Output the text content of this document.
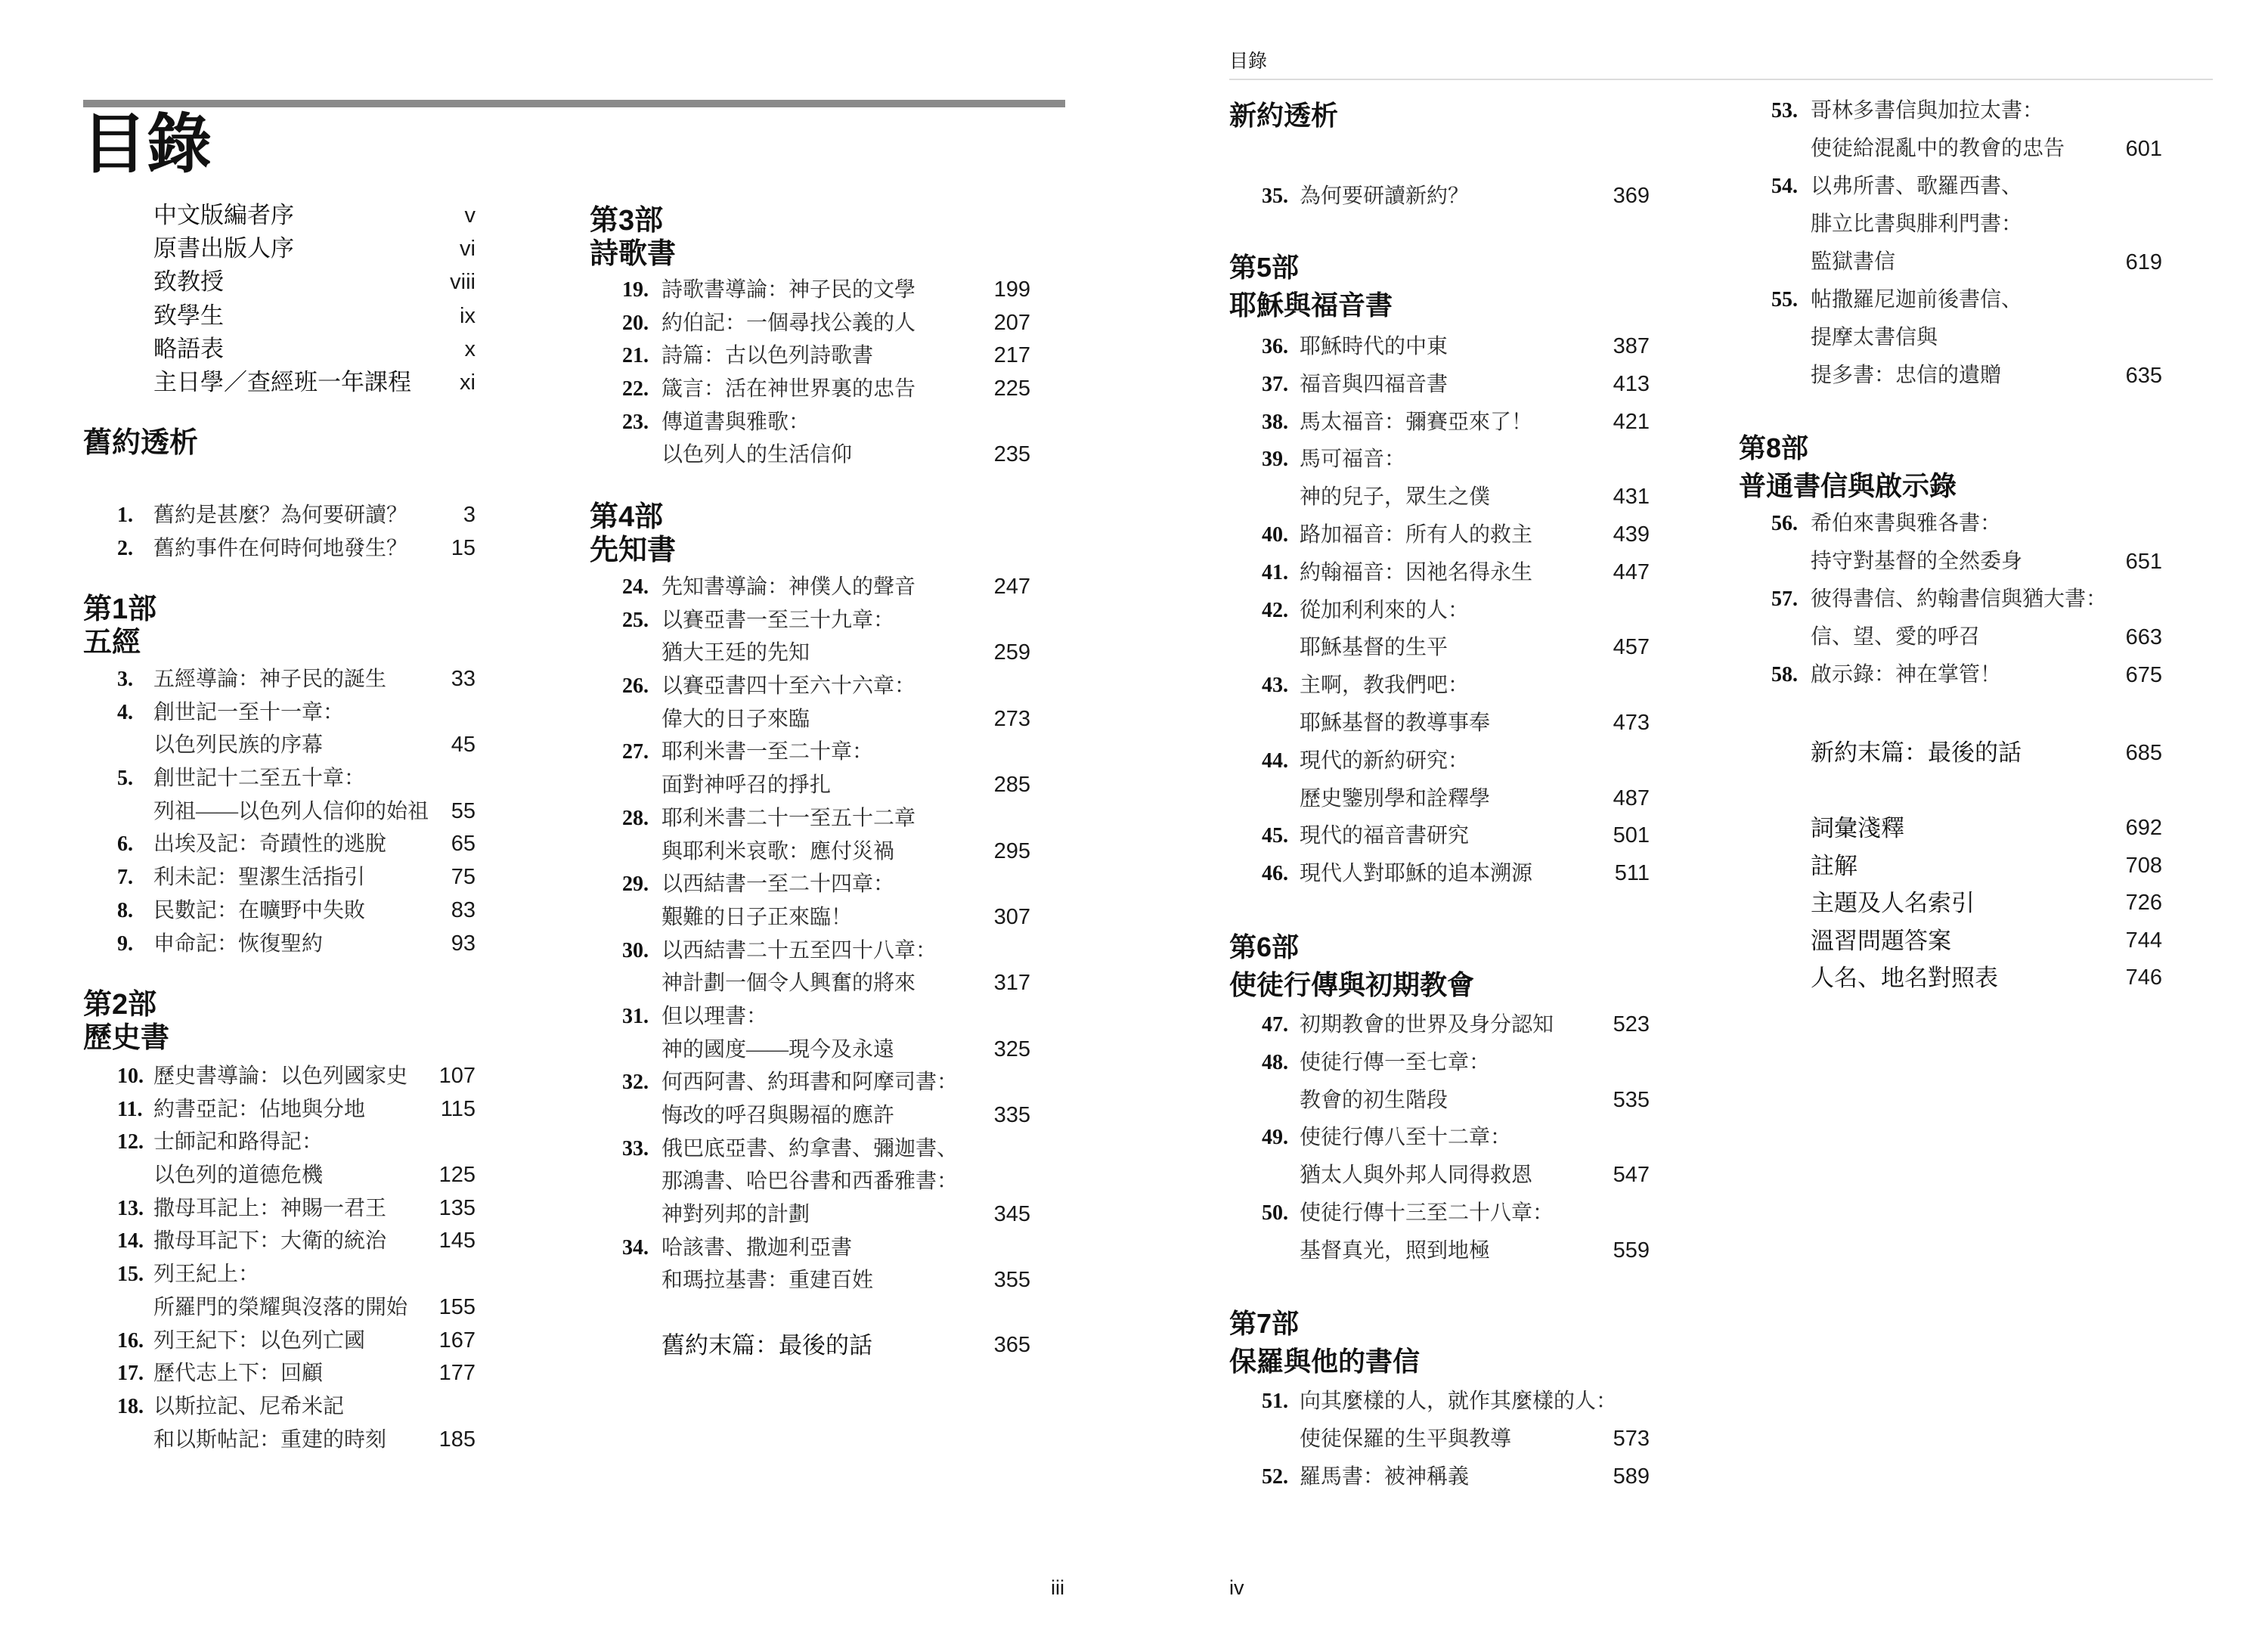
目錄
中文版編者序	v
原書出版人序	vi
致教授	viii
致學生	ix
略語表	x
主日學／查經班一年課程 xi
舊約透析
1. 舊約是甚麼？為何要研讀？	3
2. 舊約事件在何時何地發生？ 15
第1部
五經
3. 五經導論：神子民的誕生	33
4. 創世記一至十一章：
以色列民族的序幕	45
5. 創世記十二至五十章：
列祖——以色列人信仰的始祖 55
6. 出埃及記：奇蹟性的逃脫	65
7. 利未記：聖潔生活指引	75
8. 民數記：在曠野中失敗	83
9. 申命記：恢復聖約	93
第2部
歷史書
10. 歷史書導論：以色列國家史 107
11. 約書亞記：佔地與分地	115
12. 士師記和路得記：
以色列的道德危機	125
13. 撒母耳記上：神賜一君王 135
14. 撒母耳記下：大衛的統治 145
15. 列王紀上：
所羅門的榮耀與沒落的開始 155
16. 列王紀下：以色列亡國	167
17. 歷代志上下：回顧	177
18. 以斯拉記、尼希米記
和以斯帖記：重建的時刻 185
第3部
詩歌書
19. 詩歌書導論：神子民的文學	199
20. 約伯記：一個尋找公義的人	207
21. 詩篇：古以色列詩歌書	217
22. 箴言：活在神世界裏的忠告	225
23. 傳道書與雅歌：
以色列人的生活信仰	235
第4部
先知書
24. 先知書導論：神僕人的聲音	247
25. 以賽亞書一至三十九章：
猶大王廷的先知	259
26. 以賽亞書四十至六十六章：
偉大的日子來臨	273
27. 耶利米書一至二十章：
面對神呼召的掙扎	285
28. 耶利米書二十一至五十二章
與耶利米哀歌：應付災禍	295
29. 以西結書一至二十四章：
艱難的日子正來臨！	307
30. 以西結書二十五至四十八章：
神計劃一個令人興奮的將來	317
31. 但以理書：
神的國度——現今及永遠	325
32. 何西阿書、約珥書和阿摩司書：
悔改的呼召與賜福的應許	335
33. 俄巴底亞書、約拿書、彌迦書、
那鴻書、哈巴谷書和西番雅書：
神對列邦的計劃	345
34. 哈該書、撒迦利亞書
和瑪拉基書：重建百姓	355
舊約末篇：最後的話	365
iii
目錄
新約透析
35. 為何要研讀新約？	369
第5部
耶穌與福音書
36. 耶穌時代的中東	387
37. 福音與四福音書	413
38. 馬太福音：彌賽亞來了！	421
39. 馬可福音：
神的兒子，眾生之僕	431
40. 路加福音：所有人的救主	439
41. 約翰福音：因祂名得永生	447
42. 從加利利來的人：
耶穌基督的生平	457
43. 主啊，教我們吧：
耶穌基督的教導事奉	473
44. 現代的新約研究：
歷史鑒別學和詮釋學	487
45. 現代的福音書研究	501
46. 現代人對耶穌的追本溯源	511
第6部
使徒行傳與初期教會
47. 初期教會的世界及身分認知	523
48. 使徒行傳一至七章：
教會的初生階段	535
49. 使徒行傳八至十二章：
猶太人與外邦人同得救恩	547
50. 使徒行傳十三至二十八章：
基督真光，照到地極	559
第7部
保羅與他的書信
51. 向其麼樣的人，就作其麼樣的人：
使徒保羅的生平與教導	573
52. 羅馬書：被神稱義	589
53. 哥林多書信與加拉太書：
使徒給混亂中的教會的忠告	601
54. 以弗所書、歌羅西書、
腓立比書與腓利門書：
監獄書信	619
55. 帖撒羅尼迦前後書信、
提摩太書信與
提多書：忠信的遺贈	635
第8部
普通書信與啟示錄
56. 希伯來書與雅各書：
持守對基督的全然委身	651
57. 彼得書信、約翰書信與猶大書：
信、望、愛的呼召	663
58. 啟示錄：神在掌管！	675
新約末篇：最後的話	685
詞彙淺釋	692
註解	708
主題及人名索引	726
溫習問題答案	744
人名、地名對照表	746
iv
